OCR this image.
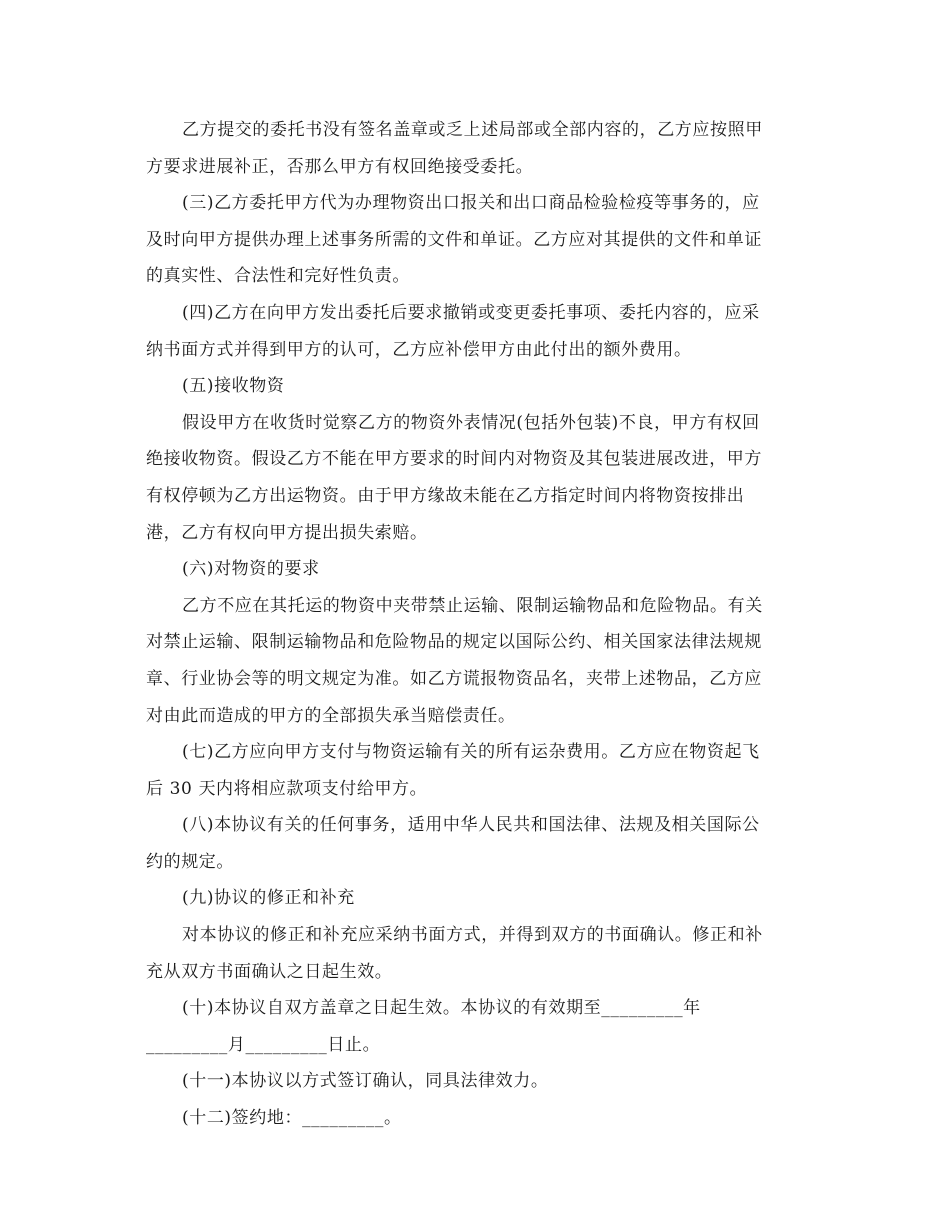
乙方提交的委托书没有签名盖章或乏上述局部或全部内容的，乙方应按照甲
方要求进展补正，否那么甲方有权回绝接受委托。
(三)乙方委托甲方代为办理物资出口报关和出口商品检验检疫等事务的，应
及时向甲方提供办理上述事务所需的文件和单证。乙方应对其提供的文件和单证
的真实性、合法性和完好性负责。
(四)乙方在向甲方发出委托后要求撤销或变更委托事项、委托内容的，应采
纳书面方式并得到甲方的认可，乙方应补偿甲方由此付出的额外费用。
(五)接收物资
假设甲方在收货时觉察乙方的物资外表情况(包括外包装)不良，甲方有权回
绝接收物资。假设乙方不能在甲方要求的时间内对物资及其包装进展改进，甲方
有权停顿为乙方出运物资。由于甲方缘故未能在乙方指定时间内将物资按排出
港，乙方有权向甲方提出损失索赔。
(六)对物资的要求
乙方不应在其托运的物资中夹带禁止运输、限制运输物品和危险物品。有关
对禁止运输、限制运输物品和危险物品的规定以国际公约、相关国家法律法规规
章、行业协会等的明文规定为准。如乙方谎报物资品名，夹带上述物品，乙方应
对由此而造成的甲方的全部损失承当赔偿责任。
(七)乙方应向甲方支付与物资运输有关的所有运杂费用。乙方应在物资起飞
后 30 天内将相应款项支付给甲方。
(八)本协议有关的任何事务，适用中华人民共和国法律、法规及相关国际公
约的规定。
(九)协议的修正和补充
对本协议的修正和补充应采纳书面方式，并得到双方的书面确认。修正和补
充从双方书面确认之日起生效。
(十)本协议自双方盖章之日起生效。本协议的有效期至_________年
_________月_________日止。
(十一)本协议以方式签订确认，同具法律效力。
(十二)签约地：_________。
